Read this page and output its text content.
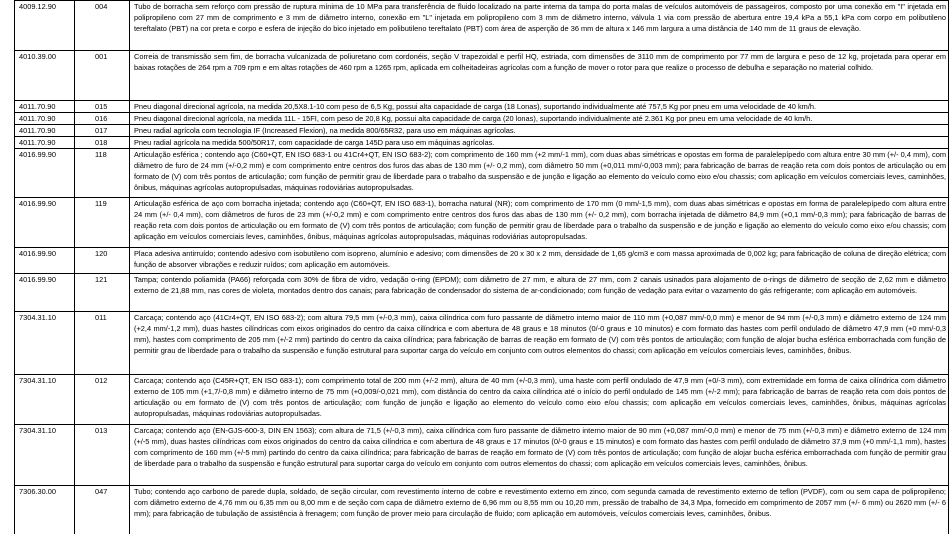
4009.12.90	004	Tubo de borracha sem reforço com pressão de ruptura mínima de 10 MPa para transferência de fluido localizado na parte interna da tampa do porta malas de veículos automóveis de passageiros, composto por uma conexão em "I" injetada em polipropileno com 27 mm de comprimento e 3 mm de diâmetro interno, conexão em "L" injetada em polipropileno com 3 mm de diâmetro interno, válvula 1 via com pressão de abertura entre 19,4 kPa a 55,1 kPa com corpo em polibutileno tereftalato (PBT) na cor preta e corpo e esfera de injeção do bico injetado em polibutileno tereftalato (PBT) com área de asperção de 36 mm de altura x 146 mm largura a uma distância de 140 mm de 11 graus de elevação.
4010.39.00	001	Correia de transmissão sem fim, de borracha vulcanizada de poliuretano com cordonéis, seção V trapezoidal e perfil HQ, estriada, com dimensões de 3110 mm de comprimento por 77 mm de largura e peso de 12 kg, projetada para operar em baixas rotações de 264 rpm a 709 rpm e em altas rotações de 460 rpm a 1265 rpm, aplicada em colheitadeiras agrícolas com a função de mover o rotor para que realize o processo de debulha e separação no material colhido.
4011.70.90	015	Pneu diagonal direcional agrícola, na medida 20,5X8.1-10 com peso de 6,5 Kg, possui alta capacidade de carga (18 Lonas), suportando individualmente até 757,5 Kg por pneu em uma velocidade de 40 km/h.
4011.70.90	016	Pneu diagonal direcional agrícola, na medida 11L - 15FI, com peso de 20,8 Kg, possui alta capacidade de carga (20 lonas), suportando individualmente até 2.361 Kg por pneu em uma velocidade de 40 km/h.
4011.70.90	017	Pneu radial agrícola com tecnologia IF (Increased Flexion), na medida 800/65R32, para uso em máquinas agrícolas.
4011.70.90	018	Pneu radial agrícola na medida 500/50R17, com capacidade de carga 145D para uso em máquinas agrícolas.
4016.99.90	118	Articulação esférica ; contendo aço (C60+QT, EN ISO 683-1 ou 41Cr4+QT, EN ISO 683-2); com comprimento de 160 mm (+2 mm/-1 mm), com duas abas simétricas e opostas em forma de paralelepípedo com altura entre 30 mm (+/- 0,4 mm), com diâmetro de furo de 24 mm (+/-0,2 mm) e com comprimento entre centros dos furos das abas de 130 mm (+/- 0,2 mm), com diâmetro 50 mm (+0,011 mm/-0,003 mm); para fabricação de barras de reação reta com dois pontos de articulação ou em formato de (V) com três pontos de articulação; com função de permitir grau de liberdade para o trabalho da suspensão e de junção e ligação ao elemento do veículo como eixo e/ou chassis; com aplicação em veículos comerciais leves, caminhões, ônibus, máquinas agrícolas autopropulsadas, máquinas rodoviárias autopropulsadas.
4016.99.90	119	Articulação esférica de aço com borracha injetada; contendo aço (C60+QT, EN ISO 683-1), borracha natural (NR); com comprimento de 170 mm (0 mm/-1,5 mm), com duas abas simétricas e opostas em forma de paralelepípedo com altura entre 24 mm (+/- 0,4 mm), com diâmetros de furos de 23 mm (+/-0,2 mm) e com comprimento entre centros dos furos das abas de 130 mm (+/- 0,2 mm), com borracha injetada de diâmetro 84,9 mm (+0,1 mm/-0,3 mm); para fabricação de barras de reação reta com dois pontos de articulação ou em formato de (V) com três pontos de articulação; com função de permitir grau de liberdade para o trabalho da suspensão e de junção e ligação ao elemento do veículo como eixo e/ou chassis; com aplicação em veículos comerciais leves, caminhões, ônibus, máquinas agrícolas autopropulsadas, máquinas rodoviárias autopropulsadas.
4016.99.90	120	Placa adesiva antirruído; contendo adesivo com isobutileno com isopreno, alumínio e adesivo; com dimensões de 20 x 30 x 2 mm, densidade de 1,65 g/cm3 e com massa aproximada de 0,002 kg; para fabricação de coluna de direção elétrica; com função de absorver vibrações e reduzir ruídos; com aplicação em automóveis.
4016.99.90	121	Tampa; contendo poliamida (PA66) reforçada com 30% de fibra de vidro, vedação o-ring (EPDM); com diâmetro de 27 mm, e altura de 27 mm, com 2 canais usinados para alojamento de o-rings de diâmetro de secção de 2,62 mm e diâmetro externo de 21,88 mm, nas cores de violeta, montados dentro dos canais; para fabricação de condensador do sistema de ar-condicionado; com função de vedação para evitar o vazamento do gás refrigerante; com aplicação em automóveis.
7304.31.10	011	Carcaça; contendo aço (41Cr4+QT, EN ISO 683-2); com altura 79,5 mm (+/-0,3 mm), caixa cilíndrica com furo passante de diâmetro interno maior de 110 mm (+0,087 mm/-0,0 mm) e menor de 94 mm (+/-0,3 mm) e diâmetro externo de 124 mm (+2,4 mm/-1,2 mm), duas hastes cilíndricas com eixos originados do centro da caixa cilíndrica e com abertura de 48 graus e 18 minutos (0/-0 graus e 10 minutos) e com formato das hastes com perfil ondulado de diâmetro 47,9 mm (+0 mm/-0,3 mm), hastes com comprimento de 205 mm (+/-2 mm) partindo do centro da caixa cilíndrica; para fabricação de barras de reação em formato de (V) com três pontos de articulação; com função de alojar bucha esférica emborrachada com função de permitir grau de liberdade para o trabalho da suspensão e função estrutural para suportar carga do veículo em conjunto com outros elementos do chassi; com aplicação em veículos comerciais leves, caminhões, ônibus.
7304.31.10	012	Carcaça; contendo aço (C45R+QT, EN ISO 683-1); com comprimento total de 200 mm (+/-2 mm), altura de 40 mm (+/-0,3 mm), uma haste com perfil ondulado de 47,9 mm (+0/-3 mm), com extremidade em forma de caixa cilíndrica com diâmetro externo de 105 mm (+1,7/-0,8 mm) e diâmetro interno de 75 mm (+0,009/-0,021 mm), com distância do centro da caixa cilíndrica até o início do perfil ondulado de 145 mm (+/-2 mm); para fabricação de barras de reação reta com dois pontos de articulação ou em formato de (V) com três pontos de articulação; com função de junção e ligação ao elemento do veículo como eixo e/ou chassis; com aplicação em veículos comerciais leves, caminhões, ônibus, máquinas agrícolas autopropulsadas, máquinas rodoviárias autopropulsadas.
7304.31.10	013	Carcaça; contendo aço (EN-GJS-600-3, DIN EN 1563); com altura de 71,5 (+/-0,3 mm), caixa cilíndrica com furo passante de diâmetro interno maior de 90 mm (+0,087 mm/-0,0 mm) e menor de 75 mm (+/-0,3 mm) e diâmetro externo de 124 mm (+/-5 mm), duas hastes cilíndricas com eixos originados do centro da caixa cilíndrica e com abertura de 48 graus e 17 minutos (0/-0 graus e 15 minutos) e com formato das hastes com perfil ondulado de diâmetro 37,9 mm (+0 mm/-1,1 mm), hastes com comprimento de 160 mm (+/-5 mm) partindo do centro da caixa cilíndrica; para fabricação de barras de reação em formato de (V) com três pontos de articulação; com função de alojar bucha esférica emborrachada com função de permitir grau de liberdade para o trabalho da suspensão e função estrutural para suportar carga do veículo em conjunto com outros elementos do chassi; com aplicação em veículos comerciais leves, caminhões, ônibus.
7306.30.00	047	Tubo; contendo aço carbono de parede dupla, soldado, de seção circular, com revestimento interno de cobre e revestimento externo em zinco, com segunda camada de revestimento externo de teflon (PVDF), com ou sem capa de polipropileno; com diâmetro externo de 4,76 mm ou 6,35 mm ou 8,00 mm e de seção com capa de diâmetro externo de 6,96 mm ou 8,55 mm ou 10,20 mm, pressão de trabalho de 34,3 Mpa, fornecido em comprimento de 2057 mm (+/- 6 mm) ou 2620 mm (+/- 6 mm); para fabricação de tubulação de assistência à frenagem; com função de prover meio para circulação de fluido; com aplicação em automóveis, veículos comerciais leves, caminhões, ônibus.
